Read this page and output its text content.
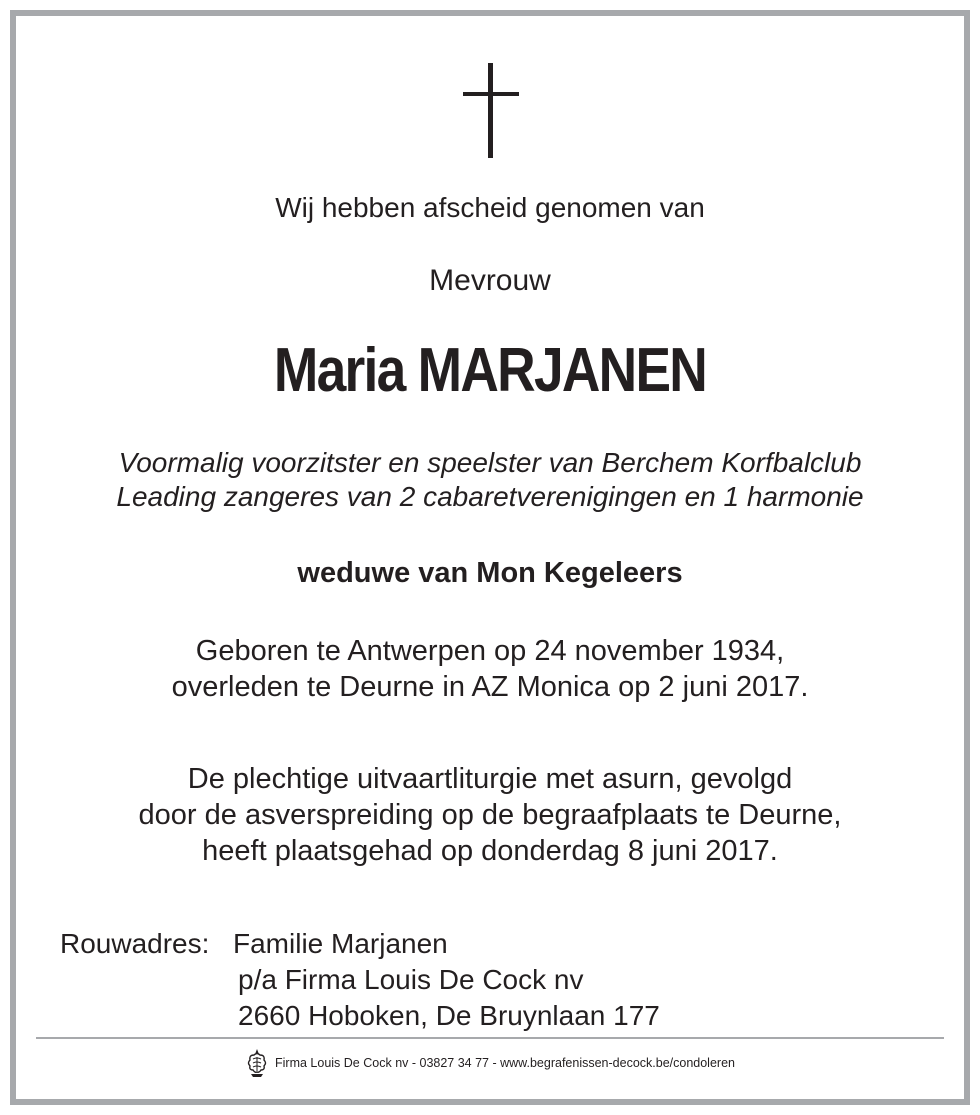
Wij hebben afscheid genomen van
Mevrouw
Maria MARJANEN
Voormalig voorzitster en speelster van Berchem Korfbalclub
Leading zangeres van 2 cabaretverenigingen en 1 harmonie
weduwe van Mon Kegeleers
Geboren te Antwerpen op 24 november 1934,
overleden te Deurne in AZ Monica op 2 juni 2017.
De plechtige uitvaartliturgie met asurn, gevolgd
door de asverspreiding op de begraafplaats te Deurne,
heeft plaatsgehad op donderdag 8 juni 2017.
Rouwadres: Familie Marjanen
p/a Firma Louis De Cock nv
2660 Hoboken, De Bruynlaan 177
Firma Louis De Cock nv - 03827 34 77 - www.begrafenissen-decock.be/condoleren
